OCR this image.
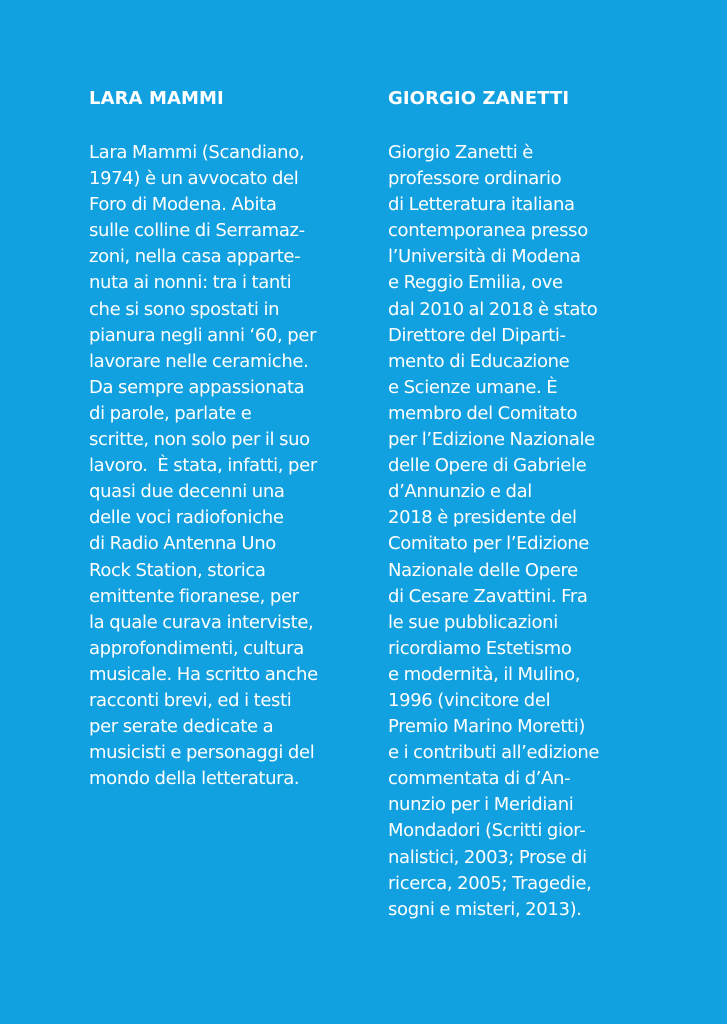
LARA MAMMI
Lara Mammi (Scandiano,
1974) è un avvocato del
Foro di Modena. Abita
sulle colline di Serramaz-
zoni, nella casa apparte-
nuta ai nonni: tra i tanti
che si sono spostati in
pianura negli anni ‘60, per
lavorare nelle ceramiche.
Da sempre appassionata
di parole, parlate e
scritte, non solo per il suo
lavoro.  È stata, infatti, per
quasi due decenni una
delle voci radiofoniche
di Radio Antenna Uno
Rock Station, storica
emittente fioranese, per
la quale curava interviste,
approfondimenti, cultura
musicale. Ha scritto anche
racconti brevi, ed i testi
per serate dedicate a
musicisti e personaggi del
mondo della letteratura.
GIORGIO ZANETTI
Giorgio Zanetti è
professore ordinario
di Letteratura italiana
contemporanea presso
l’Università di Modena
e Reggio Emilia, ove
dal 2010 al 2018 è stato
Direttore del Diparti-
mento di Educazione
e Scienze umane. È
membro del Comitato
per l’Edizione Nazionale
delle Opere di Gabriele
d’Annunzio e dal
2018 è presidente del
Comitato per l’Edizione
Nazionale delle Opere
di Cesare Zavattini. Fra
le sue pubblicazioni
ricordiamo Estetismo
e modernità, il Mulino,
1996 (vincitore del
Premio Marino Moretti)
e i contributi all’edizione
commentata di d’An-
nunzio per i Meridiani
Mondadori (Scritti gior-
nalistici, 2003; Prose di
ricerca, 2005; Tragedie,
sogni e misteri, 2013).
